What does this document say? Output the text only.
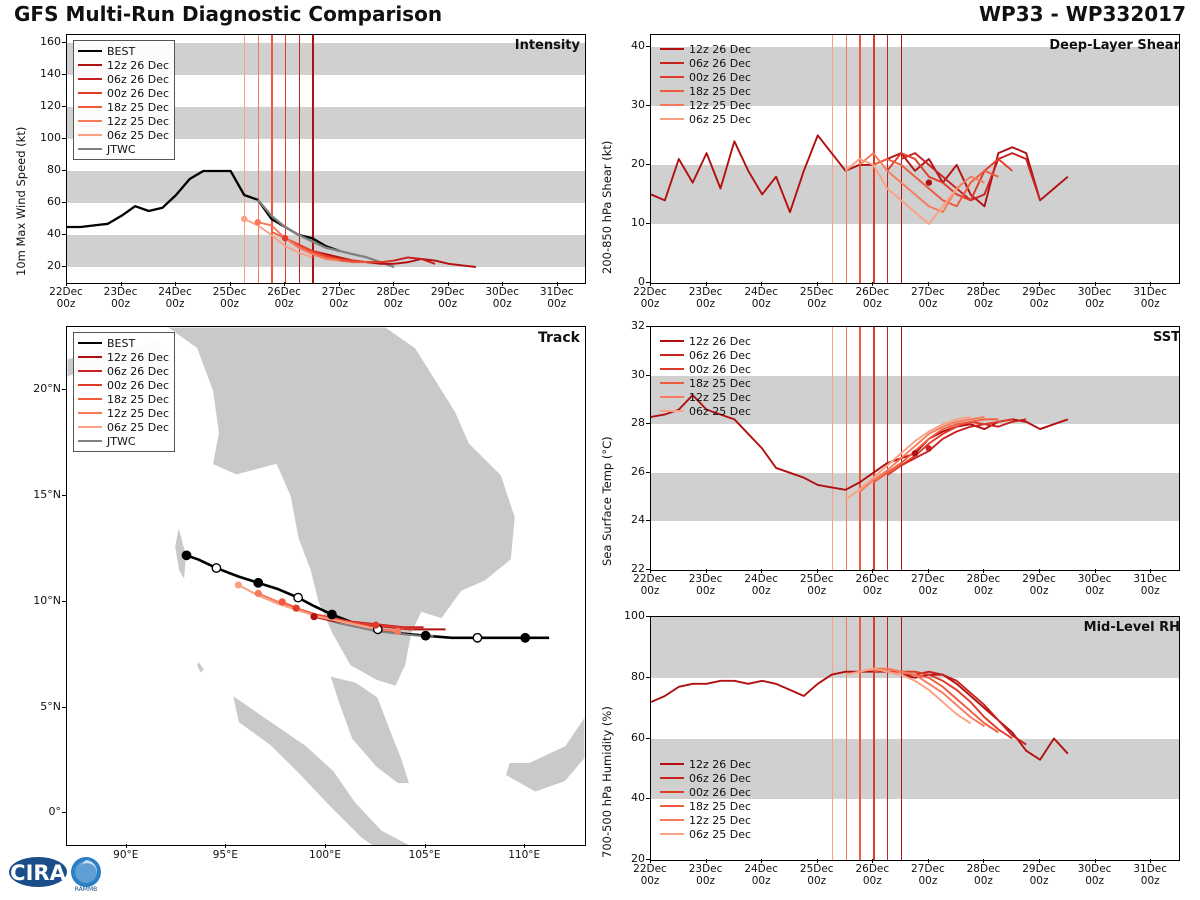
GFS Multi-Run Diagnostic Comparison	WP33 - WP332017
BEST
12z 26 Dec
06z 26 Dec
00z 26 Dec
18z 25 Dec
12z 25 Dec
06z 25 Dec
JTWC
Intensity
10m Max Wind Speed (kt)	20
40
60
80
100
120
140
160
22Dec
00z
23Dec
00z
24Dec
00z
25Dec
00z
26Dec
00z
27Dec
00z
28Dec
00z
29Dec
00z
30Dec
00z
31Dec
00z
BEST
12z 26 Dec
06z 26 Dec
00z 26 Dec
18z 25 Dec
12z 25 Dec
06z 25 Dec
JTWC
Track
0°
5°N
10°N
15°N
20°N
90°E	95°E	100°E	105°E	110°E
12z 26 Dec
06z 26 Dec
00z 26 Dec
18z 25 Dec
12z 25 Dec
06z 25 Dec
Deep-Layer Shear
200-850 hPa Shear (kt)
0
10
20
30
40
22Dec
00z
23Dec
00z
24Dec
00z
25Dec
00z
26Dec
00z
27Dec
00z
28Dec
00z
29Dec
00z
30Dec
00z
31Dec
00z
12z 26 Dec
06z 26 Dec
00z 26 Dec
18z 25 Dec
12z 25 Dec
06z 25 Dec
SST
Sea Surface Temp (°C)
22
24
26
28
30
32
22Dec
00z
23Dec
00z
24Dec
00z
25Dec
00z
26Dec
00z
27Dec
00z
28Dec
00z
29Dec
00z
30Dec
00z
31Dec
00z
12z 26 Dec
06z 26 Dec
00z 26 Dec
18z 25 Dec
12z 25 Dec
06z 25 Dec
Mid-Level RH
700-500 hPa Humidity (%)
20
40
60
80
100
22Dec
00z
23Dec
00z
24Dec
00z
25Dec
00z
26Dec
00z
27Dec
00z
28Dec
00z
29Dec
00z
30Dec
00z
31Dec
00z
CIRA
RAMMB
